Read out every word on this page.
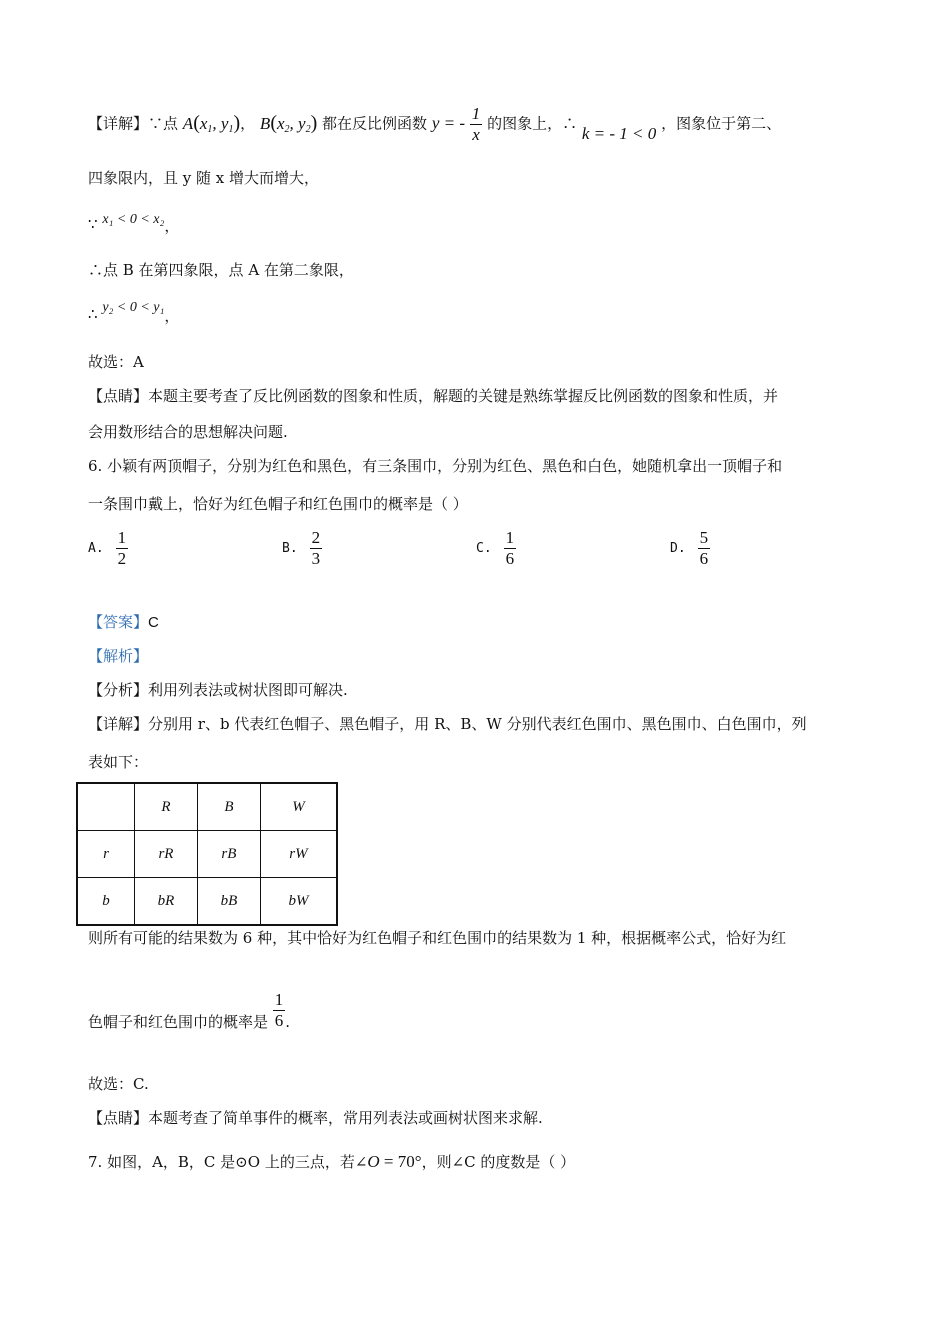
【详解】∵点 $A(x_1$, $y_1$)， $B(x_2$, $y_2$) 都在反比例函数 y = - $\frac{1}{x}$ 的图象上，∴ k = - 1 < 0 ，图象位于第二、
四象限内，且 y 随 x 增大而增大，
∵ x₁ < 0 < x₂，
∴点 B 在第四象限，点 A 在第二象限，
∴ y₂ < 0 < y₁，
故选：A
【点睛】本题主要考查了反比例函数的图象和性质，解题的关键是熟练掌握反比例函数的图象和性质，并
会用数形结合的思想解决问题.
6. 小颖有两顶帽子，分别为红色和黑色，有三条围巾，分别为红色、黑色和白色，她随机拿出一顶帽子和
一条围巾戴上，恰好为红色帽子和红色围巾的概率是（ ）
A. $\frac{1}{2}$	B. $\frac{2}{3}$	C. $\frac{1}{6}$	D. $\frac{5}{6}$
【答案】C
【解析】
【分析】利用列表法或树状图即可解决.
【详解】分别用 r、b 代表红色帽子、黑色帽子，用 R、B、W 分别代表红色围巾、黑色围巾、白色围巾，列
表如下：
	R	B	W
r	rR	rB	rW
b	bR	bB	bW
则所有可能的结果数为 6 种，其中恰好为红色帽子和红色围巾的结果数为 1 种，根据概率公式，恰好为红
色帽子和红色围巾的概率是 $\frac{1}{6}$ .
故选：C.
【点睛】本题考查了简单事件的概率，常用列表法或画树状图来求解.
7. 如图，A，B，C 是⊙O 上的三点，若∠O = 70°，则∠C 的度数是（ ）
